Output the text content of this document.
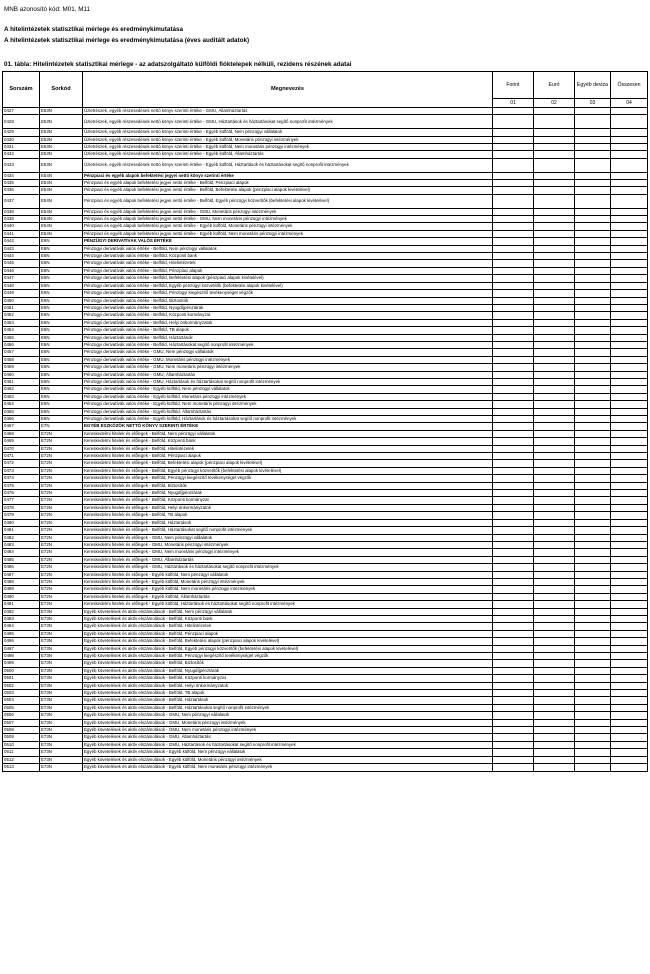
MNB azonosító kód: M01, M11
A hitelintézetek statisztikai mérlege és eredménykimutatása
A hitelintézetek statisztikai mérlege és eredménykimutatása (éves auditált adatok)
01. tábla: Hitelintézetek statisztikai mérlege - az adatszolgáltató külföldi fióktelepek nélküli, rezidens részének adatai
Sorszám	Sorkód	Megnevezés	Forint	Euró	Egyéb deviza	Összesen
			01	02	03	04
0427	E53N	Üzletrészek, egyéb részesedések nettó könyv szerinti értéke - GMU, Államháztartás				
0428	E53N	Üzletrészek, egyéb részesedések nettó könyv szerinti értéke - GMU, Háztartások és háztartásokat segítő nonprofit intézmények				
0429	E53N	Üzletrészek, egyéb részesedések nettó könyv szerinti értéke - Egyéb külföld, Nem pénzügyi vállalatok				
0430	E53N	Üzletrészek, egyéb részesedések nettó könyv szerinti értéke - Egyéb külföld, Monetáris pénzügyi intézmények				
0431	E53N	Üzletrészek, egyéb részesedések nettó könyv szerinti értéke - Egyéb külföld, Nem monetáris pénzügyi intézmények				
0432	E53N	Üzletrészek, egyéb részesedések nettó könyv szerinti értéke - Egyéb külföld, Államháztartás				
0433	E53N	Üzletrészek, egyéb részesedések nettó könyv szerinti értéke - Egyéb külföld, Háztartások és háztartásokat segítő nonprofit intézmények				
0434	E54N	Pénzpiaci és egyéb alapok befektetési jegyei nettó könyv szerinti értéke				
0435	E54N	Pénzpiaci és egyéb alapok befektetési jegyei nettó értéke - Belföld, Pénzpiaci alapok				
0436	E54N	Pénzpiaci és egyéb alapok befektetési jegyei nettó értéke - Belföld, Befektetési alapok (pénzpiaci alapok kivételével)				
0437	E54N	Pénzpiaci és egyéb alapok befektetési jegyei nettó értéke - Belföld, Egyéb pénzügyi közvetítők (befektetési alapok kivételével)				
0438	E54N	Pénzpiaci és egyéb alapok befektetési jegyei nettó értéke - GMU, Monetáris pénzügyi intézmények				
0439	E54N	Pénzpiaci és egyéb alapok befektetési jegyei nettó értéke - GMU, Nem monetáris pénzügyi intézmények				
0440	E54N	Pénzpiaci és egyéb alapok befektetési jegyei nettó értéke - Egyéb külföld, Monetáris pénzügyi intézmények				
0441	E54N	Pénzpiaci és egyéb alapok befektetési jegyei nettó értéke - Egyéb külföld, Nem monetáris pénzügyi intézmények				
0442	E6N	PÉNZÜGYI DERIVATÍVÁK VALÓS ÉRTÉKE				
0443	E6N	Pénzügyi derivatívák valós értéke - Belföld, Nem pénzügyi vállalatok				
0444	E6N	Pénzügyi derivatívák valós értéke - Belföld, Központi bank				
0445	E6N	Pénzügyi derivatívák valós értéke - Belföld, Hitelintézetek				
0446	E6N	Pénzügyi derivatívák valós értéke - Belföld, Pénzpiaci alapok				
0447	E6N	Pénzügyi derivatívák valós értéke - Belföld, Befektetési alapok (pénzpiaci alapok kivételével)				
0448	E6N	Pénzügyi derivatívák valós értéke - Belföld, Egyéb pénzügyi közvetítők (befektetési alapok kivételével)				
0449	E6N	Pénzügyi derivatívák valós értéke - Belföld, Pénzügyi kiegészítő tevékenységet végzők				
0450	E6N	Pénzügyi derivatívák valós értéke - Belföld, Biztosítók				
0451	E6N	Pénzügyi derivatívák valós értéke - Belföld, Nyugdíjpénztárak				
0452	E6N	Pénzügyi derivatívák valós értéke - Belföld, Központi kormányzat				
0453	E6N	Pénzügyi derivatívák valós értéke - Belföld, Helyi önkormányzatok				
0454	E6N	Pénzügyi derivatívák valós értéke - Belföld, TB alapok				
0455	E6N	Pénzügyi derivatívák valós értéke - Belföld, Háztartások				
0456	E6N	Pénzügyi derivatívák valós értéke - Belföld, Háztartásokat segítő nonprofit intézmények				
0457	E6N	Pénzügyi derivatívák valós értéke - GMU, Nem pénzügyi vállalatok				
0458	E6N	Pénzügyi derivatívák valós értéke - GMU, Monetáris pénzügyi intézmények				
0459	E6N	Pénzügyi derivatívák valós értéke - GMU, Nem monetáris pénzügyi intézmények				
0460	E6N	Pénzügyi derivatívák valós értéke - GMU, Államháztartás				
0461	E6N	Pénzügyi derivatívák valós értéke - GMU, Háztartások és háztartásokat segítő nonprofit intézmények				
0462	E6N	Pénzügyi derivatívák valós értéke - Egyéb külföld, Nem pénzügyi vállalatok				
0463	E6N	Pénzügyi derivatívák valós értéke - Egyéb külföld, Monetáris pénzügyi intézmények				
0464	E6N	Pénzügyi derivatívák valós értéke - Egyéb külföld, Nem monetáris pénzügyi intézmények				
0465	E6N	Pénzügyi derivatívák valós értéke - Egyéb külföld, Államháztartás				
0466	E6N	Pénzügyi derivatívák valós értéke - Egyéb külföld, Háztartások és háztartásokat segítő nonprofit intézmények				
0467	E7N	EGYÉB ESZKÖZÖK NETTÓ KÖNYV SZERINTI ÉRTÉKE				
0468	E72N	Kereskedelmi hitelek és előlegek - Belföld, Nem pénzügyi vállalatok				
0469	E72N	Kereskedelmi hitelek és előlegek - Belföld, Központi bank				
0470	E72N	Kereskedelmi hitelek és előlegek - Belföld, Hitelintézetek				
0471	E72N	Kereskedelmi hitelek és előlegek - Belföld, Pénzpiaci alapok				
0472	E72N	Kereskedelmi hitelek és előlegek - Belföld, Befektetési alapok (pénzpiaci alapok kivételével)				
0473	E72N	Kereskedelmi hitelek és előlegek - Belföld, Egyéb pénzügyi közvetítők (befektetési alapok kivételével)				
0474	E72N	Kereskedelmi hitelek és előlegek - Belföld, Pénzügyi kiegészítő tevékenységet végzők				
0475	E72N	Kereskedelmi hitelek és előlegek - Belföld, Biztosítók				
0476	E72N	Kereskedelmi hitelek és előlegek - Belföld, Nyugdíjpénztárak				
0477	E72N	Kereskedelmi hitelek és előlegek - Belföld, Központi kormányzat				
0478	E72N	Kereskedelmi hitelek és előlegek - Belföld, Helyi önkormányzatok				
0479	E72N	Kereskedelmi hitelek és előlegek - Belföld, TB alapok				
0480	E72N	Kereskedelmi hitelek és előlegek - Belföld, Háztartások				
0481	E72N	Kereskedelmi hitelek és előlegek - Belföld, Háztartásokat segítő nonprofit intézmények				
0482	E72N	Kereskedelmi hitelek és előlegek - GMU, Nem pénzügyi vállalatok				
0483	E72N	Kereskedelmi hitelek és előlegek - GMU, Monetáris pénzügyi intézmények				
0484	E72N	Kereskedelmi hitelek és előlegek - GMU, Nem monetáris pénzügyi intézmények				
0485	E72N	Kereskedelmi hitelek és előlegek - GMU, Államháztartás				
0486	E72N	Kereskedelmi hitelek és előlegek - GMU, Háztartások és háztartásokat segítő nonprofit intézmények				
0487	E72N	Kereskedelmi hitelek és előlegek - Egyéb külföld, Nem pénzügyi vállalatok				
0488	E72N	Kereskedelmi hitelek és előlegek - Egyéb külföld, Monetáris pénzügyi intézmények				
0489	E72N	Kereskedelmi hitelek és előlegek - Egyéb külföld, Nem monetáris pénzügyi intézmények				
0490	E72N	Kereskedelmi hitelek és előlegek - Egyéb külföld, Államháztartás				
0491	E72N	Kereskedelmi hitelek és előlegek - Egyéb külföld, Háztartások és háztartásokat segítő nonprofit intézmények				
0492	E73N	Egyéb követelések és aktív elszámolások - Belföld, Nem pénzügyi vállalatok				
0493	E73N	Egyéb követelések és aktív elszámolások - Belföld, Központi bank				
0494	E73N	Egyéb követelések és aktív elszámolások - Belföld, Hitelintézetek				
0495	E73N	Egyéb követelések és aktív elszámolások - Belföld, Pénzpiaci alapok				
0496	E73N	Egyéb követelések és aktív elszámolások - Belföld, Befektetési alapok (pénzpiaci alapok kivételével)				
0497	E73N	Egyéb követelések és aktív elszámolások - Belföld, Egyéb pénzügyi közvetítők (befektetési alapok kivételével)				
0498	E73N	Egyéb követelések és aktív elszámolások - Belföld, Pénzügyi kiegészítő tevékenységet végzők				
0499	E73N	Egyéb követelések és aktív elszámolások - Belföld, Biztosítók				
0500	E73N	Egyéb követelések és aktív elszámolások - Belföld, Nyugdíjpénztárak				
0501	E73N	Egyéb követelések és aktív elszámolások - Belföld, Központi kormányzat				
0502	E73N	Egyéb követelések és aktív elszámolások - Belföld, Helyi önkormányzatok				
0503	E73N	Egyéb követelések és aktív elszámolások - Belföld, TB alapok				
0504	E73N	Egyéb követelések és aktív elszámolások - Belföld, Háztartások				
0505	E73N	Egyéb követelések és aktív elszámolások - Belföld, Háztartásokat segítő nonprofit intézmények				
0506	E73N	Egyéb követelések és aktív elszámolások - GMU, Nem pénzügyi vállalatok				
0507	E73N	Egyéb követelések és aktív elszámolások - GMU, Monetáris pénzügyi intézmények				
0508	E73N	Egyéb követelések és aktív elszámolások - GMU, Nem monetáris pénzügyi intézmények				
0509	E73N	Egyéb követelések és aktív elszámolások - GMU, Államháztartás				
0510	E73N	Egyéb követelések és aktív elszámolások - GMU, Háztartások és háztartásokat segítő nonprofit intézmények				
0511	E73N	Egyéb követelések és aktív elszámolások - Egyéb külföld, Nem pénzügyi vállalatok				
0512	E73N	Egyéb követelések és aktív elszámolások - Egyéb külföld, Monetáris pénzügyi intézmények				
0513	E73N	Egyéb követelések és aktív elszámolások - Egyéb külföld, Nem monetáris pénzügyi intézmények				
